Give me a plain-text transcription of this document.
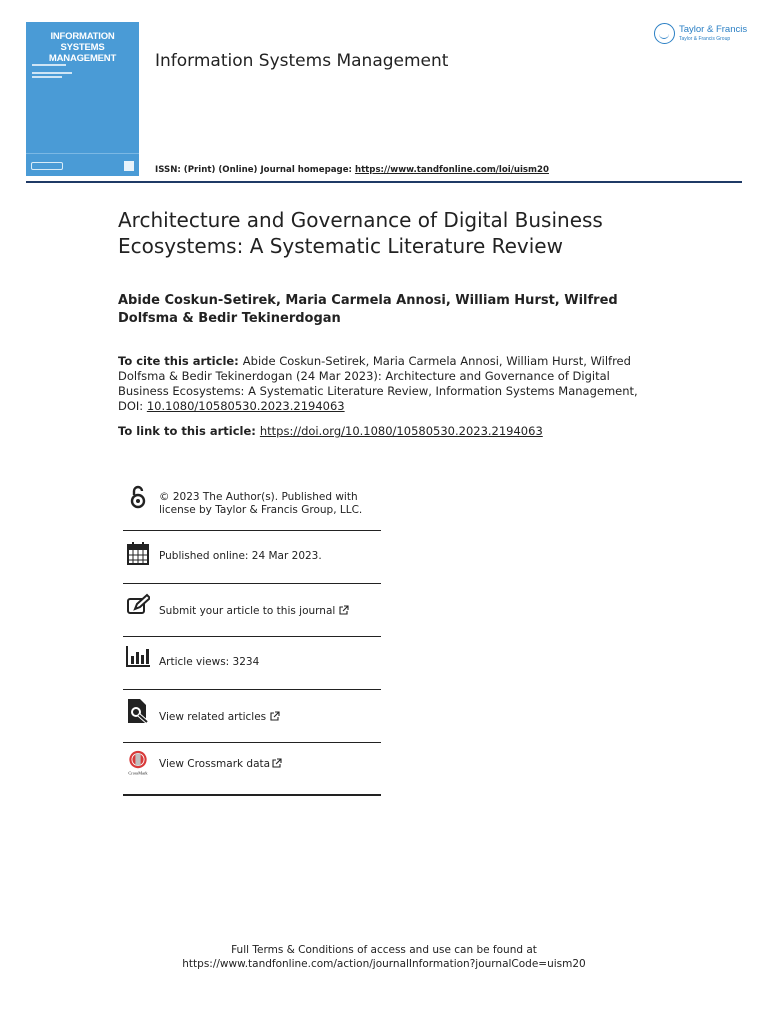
INFORMATION SYSTEMS MANAGEMENT	Information Systems Management
Taylor & Francis
Taylor & Francis Group
ISSN: (Print) (Online) Journal homepage: https://www.tandfonline.com/loi/uism20
Architecture and Governance of Digital Business Ecosystems: A Systematic Literature Review
Abide Coskun-Setirek, Maria Carmela Annosi, William Hurst, Wilfred Dolfsma & Bedir Tekinerdogan
To cite this article: Abide Coskun-Setirek, Maria Carmela Annosi, William Hurst, Wilfred Dolfsma & Bedir Tekinerdogan (24 Mar 2023): Architecture and Governance of Digital Business Ecosystems: A Systematic Literature Review, Information Systems Management, DOI: 10.1080/10580530.2023.2194063
To link to this article: https://doi.org/10.1080/10580530.2023.2194063
© 2023 The Author(s). Published with license by Taylor & Francis Group, LLC.
Published online: 24 Mar 2023.
Submit your article to this journal
Article views: 3234
View related articles
CrossMark
View Crossmark data
Full Terms & Conditions of access and use can be found at
https://www.tandfonline.com/action/journalInformation?journalCode=uism20
